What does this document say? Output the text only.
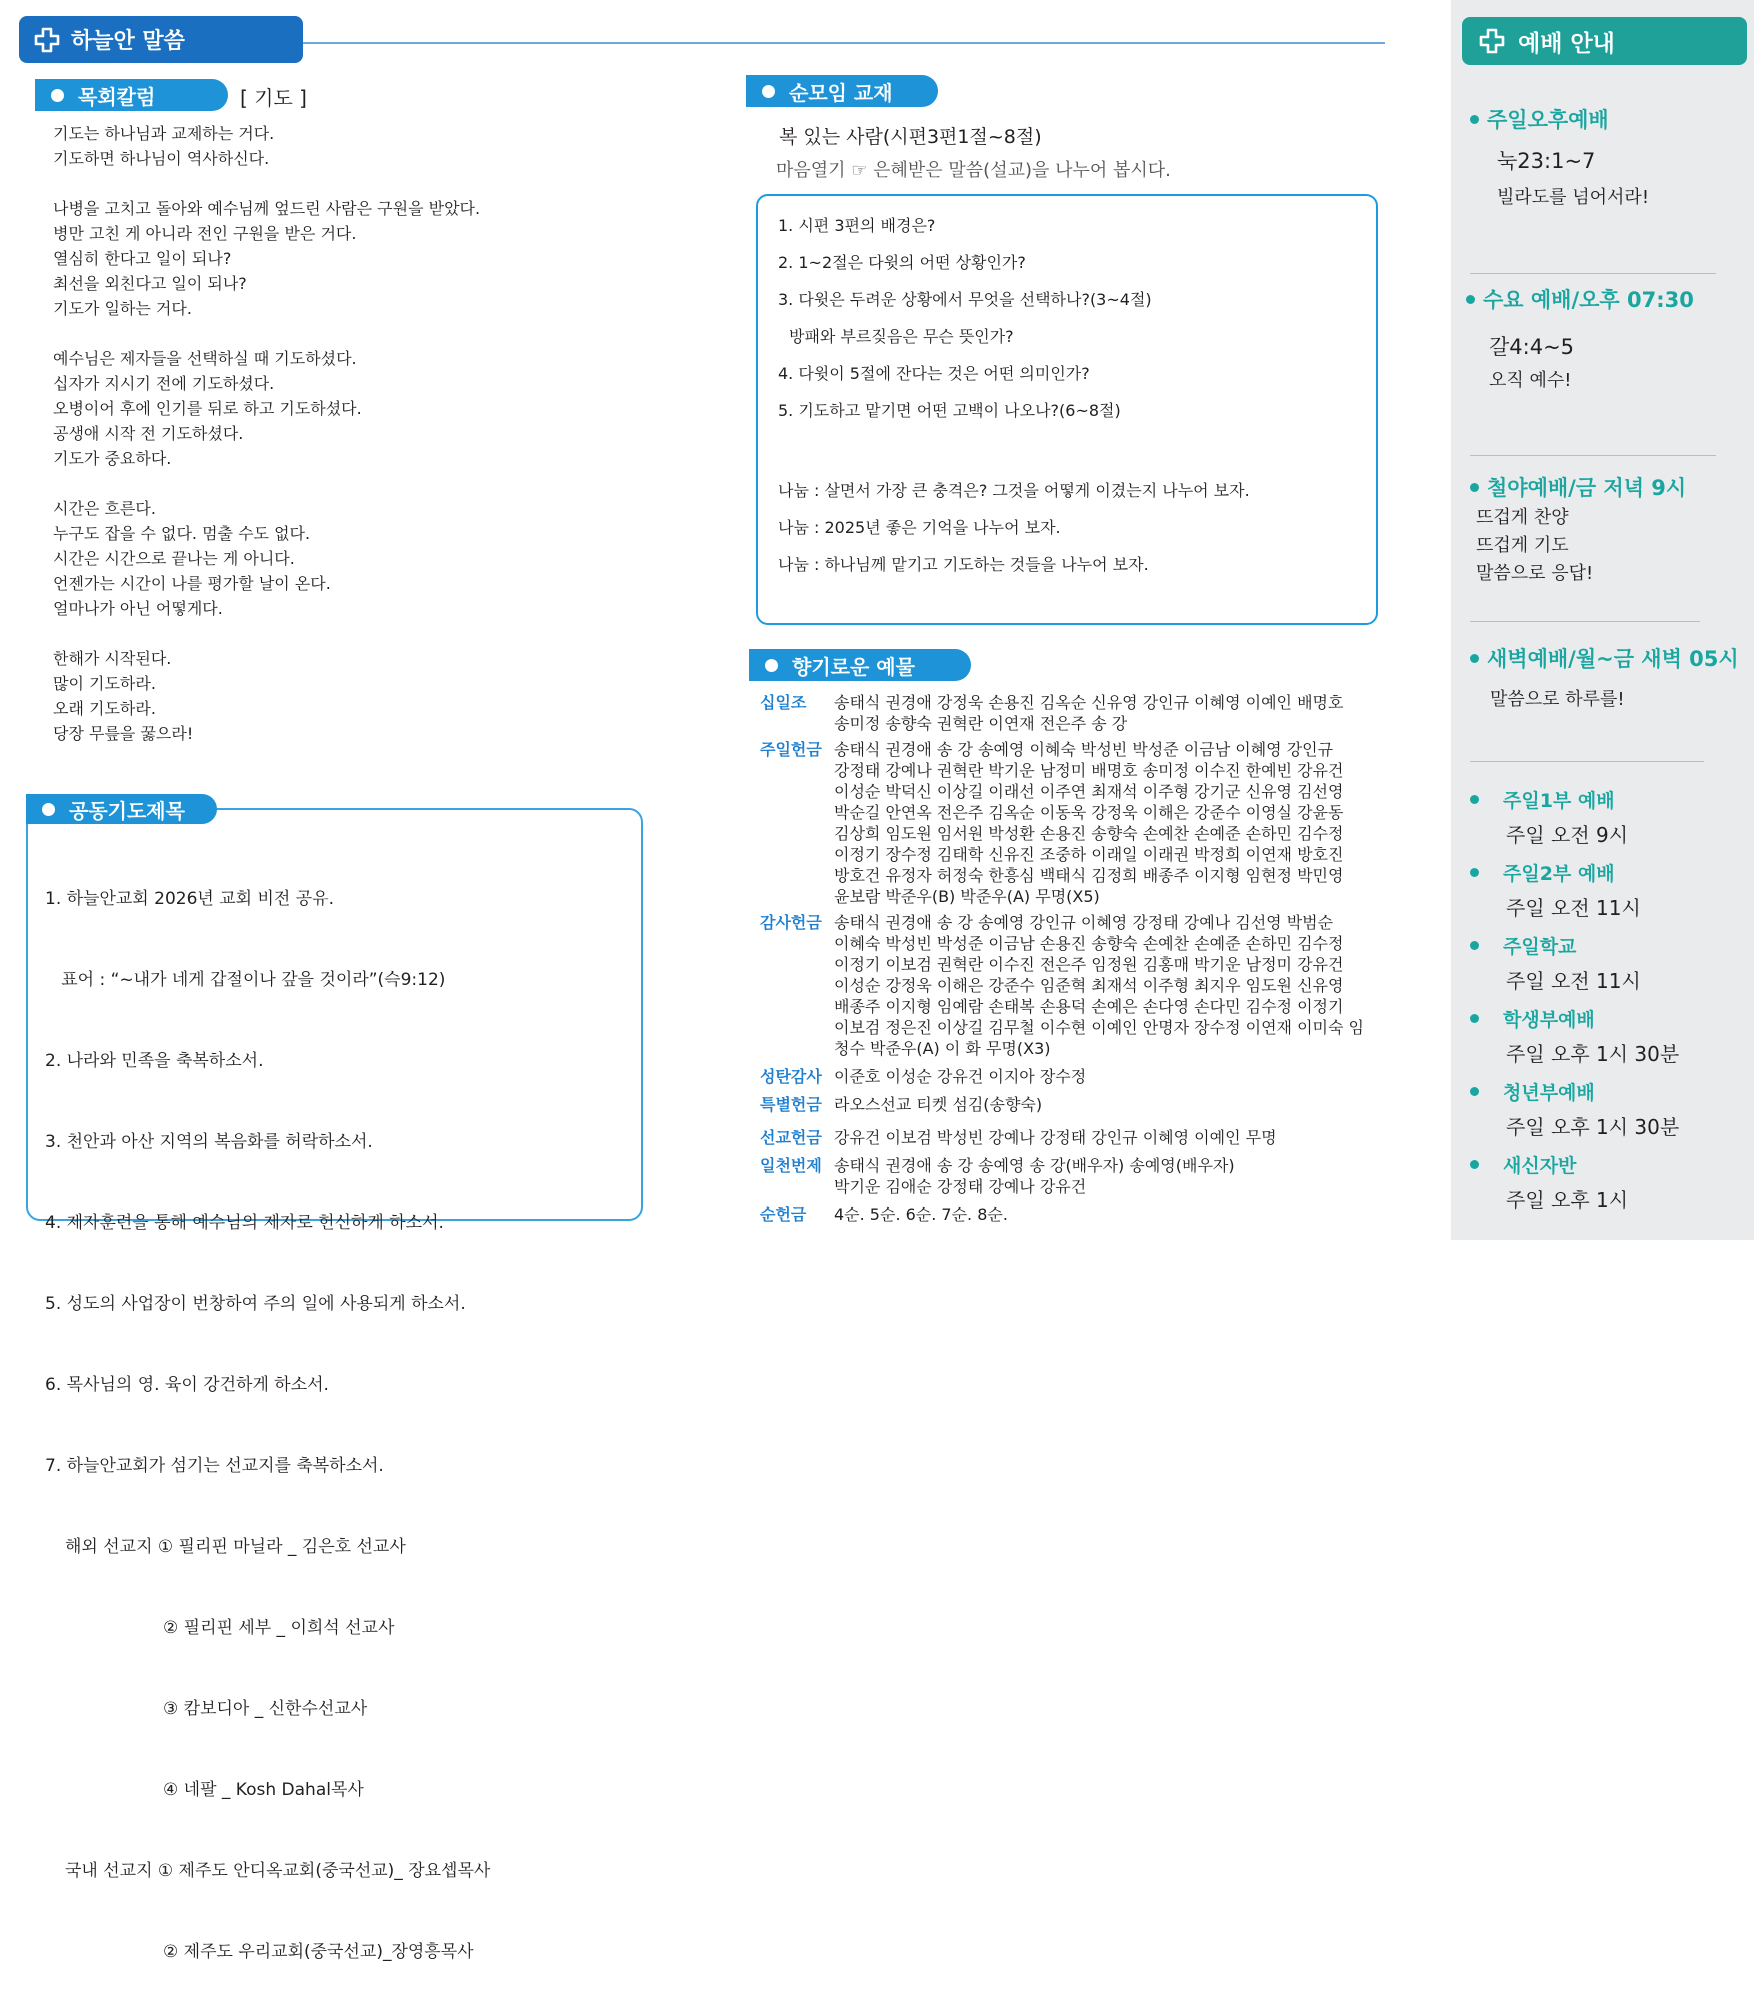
하늘안 말씀
목회칼럼	[ 기도 ]
기도는 하나님과 교제하는 거다.
기도하면 하나님이 역사하신다.
나병을 고치고 돌아와 예수님께 엎드린 사람은 구원을 받았다.
병만 고친 게 아니라 전인 구원을 받은 거다.
열심히 한다고 일이 되나?
최선을 외친다고 일이 되나?
기도가 일하는 거다.
예수님은 제자들을 선택하실 때 기도하셨다.
십자가 지시기 전에 기도하셨다.
오병이어 후에 인기를 뒤로 하고 기도하셨다.
공생애 시작 전 기도하셨다.
기도가 중요하다.
시간은 흐른다.
누구도 잡을 수 없다. 멈출 수도 없다.
시간은 시간으로 끝나는 게 아니다.
언젠가는 시간이 나를 평가할 날이 온다.
얼마나가 아닌 어떻게다.
한해가 시작된다.
많이 기도하라.
오래 기도하라.
당장 무릎을 꿇으라!
공동기도제목

1. 하늘안교회 2026년 교회 비전 공유.

표어 : “~내가 네게 갑절이나 갚을 것이라”(슥9:12)

2. 나라와 민족을 축복하소서.

3. 천안과 아산 지역의 복음화를 허락하소서.

4. 제자훈련을 통해 예수님의 제자로 헌신하게 하소서.

5. 성도의 사업장이 번창하여 주의 일에 사용되게 하소서.

6. 목사님의 영. 육이 강건하게 하소서.

7. 하늘안교회가 섬기는 선교지를 축복하소서.

해외 선교지 ① 필리핀 마닐라 _ 김은호 선교사

② 필리핀 세부 _ 이희석 선교사

③ 캄보디아 _ 신한수선교사

④ 네팔 _ Kosh Dahal목사

국내 선교지 ① 제주도 안디옥교회(중국선교)_ 장요셉목사

② 제주도 우리교회(중국선교)_장영흥목사

순모임 교재
복 있는 사람(시편3편1절~8절)
마음열기 ☞ 은혜받은 말씀(설교)을 나누어 봅시다.
1. 시편 3편의 배경은?
2. 1~2절은 다윗의 어떤 상황인가?
3. 다윗은 두려운 상황에서 무엇을 선택하나?(3~4절)
방패와 부르짖음은 무슨 뜻인가?
4. 다윗이 5절에 잔다는 것은 어떤 의미인가?
5. 기도하고 맡기면 어떤 고백이 나오나?(6~8절)
나눔 : 살면서 가장 큰 충격은? 그것을 어떻게 이겼는지 나누어 보자.
나눔 : 2025년 좋은 기억을 나누어 보자.
나눔 : 하나님께 맡기고 기도하는 것들을 나누어 보자.
향기로운 예물
십일조	송태식 권경애 강정욱 손용진 김옥순 신유영 강인규 이혜영 이예인 배명호
송미정 송향숙 권혁란 이연재 전은주 송 강
주일헌금 송태식 권경애 송 강 송예영 이혜숙 박성빈 박성준 이금남 이혜영 강인규
강정태 강예나 권혁란 박기운 남정미 배명호 송미정 이수진 한예빈 강유건
이성순 박덕신 이상길 이래선 이주연 최재석 이주형 강기군 신유영 김선영
박순길 안연옥 전은주 김옥순 이동욱 강정욱 이해은 강준수 이영실 강윤동
김상희 임도원 임서원 박성환 손용진 송향숙 손예찬 손예준 손하민 김수정
이정기 장수정 김태학 신유진 조중하 이래일 이래권 박정희 이연재 방호진
방호건 유정자 허정숙 한흥심 백태식 김정희 배종주 이지형 임현정 박민영
윤보람 박준우(B) 박준우(A) 무명(X5)
감사헌금 송태식 권경애 송 강 송예영 강인규 이혜영 강정태 강예나 김선영 박범순
이혜숙 박성빈 박성준 이금남 손용진 송향숙 손예찬 손예준 손하민 김수정
이정기 이보검 권혁란 이수진 전은주 임정원 김홍매 박기운 남정미 강유건
이성순 강정욱 이해은 강준수 임준혁 최재석 이주형 최지우 임도원 신유영
배종주 이지형 임예람 손태복 손용덕 손예은 손다영 손다민 김수정 이정기
이보검 정은진 이상길 김무철 이수현 이예인 안명자 장수정 이연재 이미숙 임
청수 박준우(A) 이 화 무명(X3)
성탄감사 이준호 이성순 강유건 이지아 장수정
특별헌금 라오스선교 티켓 섬김(송향숙)
선교헌금 강유건 이보검 박성빈 강예나 강정태 강인규 이혜영 이예인 무명
일천번제 송태식 권경애 송 강 송예영 송 강(배우자) 송예영(배우자)
박기운 김애순 강정태 강예나 강유건
순헌금	4순. 5순. 6순. 7순. 8순.
예배 안내
주일오후예배
눅23:1~7
빌라도를 넘어서라!
수요 예배/오후 07:30
갈4:4~5
오직 예수!
철야예배/금 저녁 9시
뜨겁게 찬양
뜨겁게 기도
말씀으로 응답!
새벽예배/월~금 새벽 05시
말씀으로 하루를!
주일1부 예배
주일 오전 9시
주일2부 예배
주일 오전 11시
주일학교
주일 오전 11시
학생부예배
주일 오후 1시 30분
청년부예배
주일 오후 1시 30분
새신자반
주일 오후 1시
